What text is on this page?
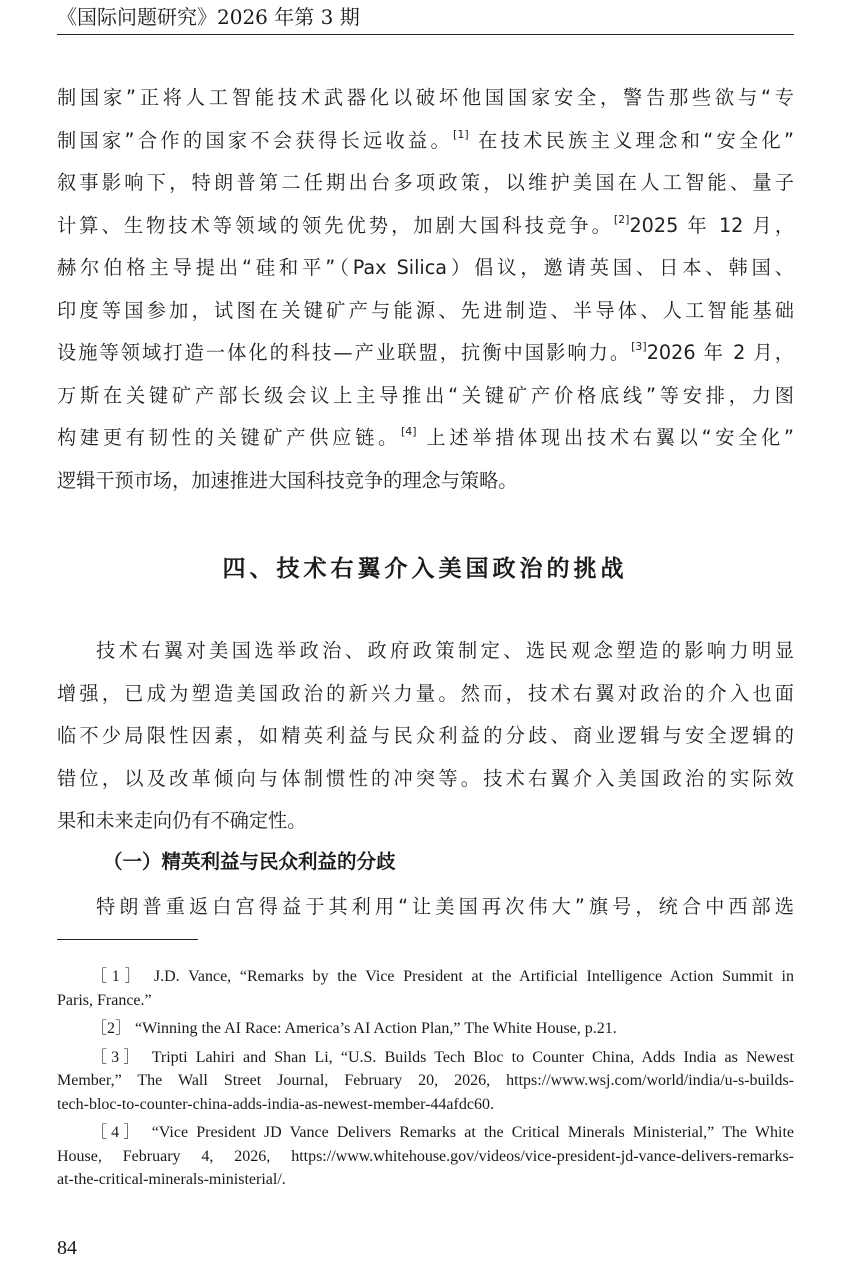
《国际问题研究》2026 年第 3 期
制国家”正将人工智能技术武器化以破坏他国国家安全，警告那些欲与“专
制国家”合作的国家不会获得长远收益。[1] 在技术民族主义理念和“安全化”
叙事影响下，特朗普第二任期出台多项政策，以维护美国在人工智能、量子
计算、生物技术等领域的领先优势，加剧大国科技竞争。[2]2025 年 12 月，
赫尔伯格主导提出“硅和平”（Pax Silica）倡议，邀请英国、日本、韩国、
印度等国参加，试图在关键矿产与能源、先进制造、半导体、人工智能基础
设施等领域打造一体化的科技—产业联盟，抗衡中国影响力。[3]2026 年 2 月，
万斯在关键矿产部长级会议上主导推出“关键矿产价格底线”等安排，力图
构建更有韧性的关键矿产供应链。[4] 上述举措体现出技术右翼以“安全化”
逻辑干预市场，加速推进大国科技竞争的理念与策略。
四、技术右翼介入美国政治的挑战
技术右翼对美国选举政治、政府政策制定、选民观念塑造的影响力明显
增强，已成为塑造美国政治的新兴力量。然而，技术右翼对政治的介入也面
临不少局限性因素，如精英利益与民众利益的分歧、商业逻辑与安全逻辑的
错位，以及改革倾向与体制惯性的冲突等。技术右翼介入美国政治的实际效
果和未来走向仍有不确定性。
（一）精英利益与民众利益的分歧
特朗普重返白宫得益于其利用“让美国再次伟大”旗号，统合中西部选
［1］ J.D. Vance, “Remarks by the Vice President at the Artificial Intelligence Action Summit in
Paris, France.”
［2］ “Winning the AI Race: America’s AI Action Plan,” The White House, p.21.
［3］ Tripti Lahiri and Shan Li, “U.S. Builds Tech Bloc to Counter China, Adds India as Newest
Member,” The Wall Street Journal, February 20, 2026, https://www.wsj.com/world/india/u-s-builds-
tech-bloc-to-counter-china-adds-india-as-newest-member-44afdc60.
［4］ “Vice President JD Vance Delivers Remarks at the Critical Minerals Ministerial,” The White
House, February 4, 2026, https://www.whitehouse.gov/videos/vice-president-jd-vance-delivers-remarks-
at-the-critical-minerals-ministerial/.
84
